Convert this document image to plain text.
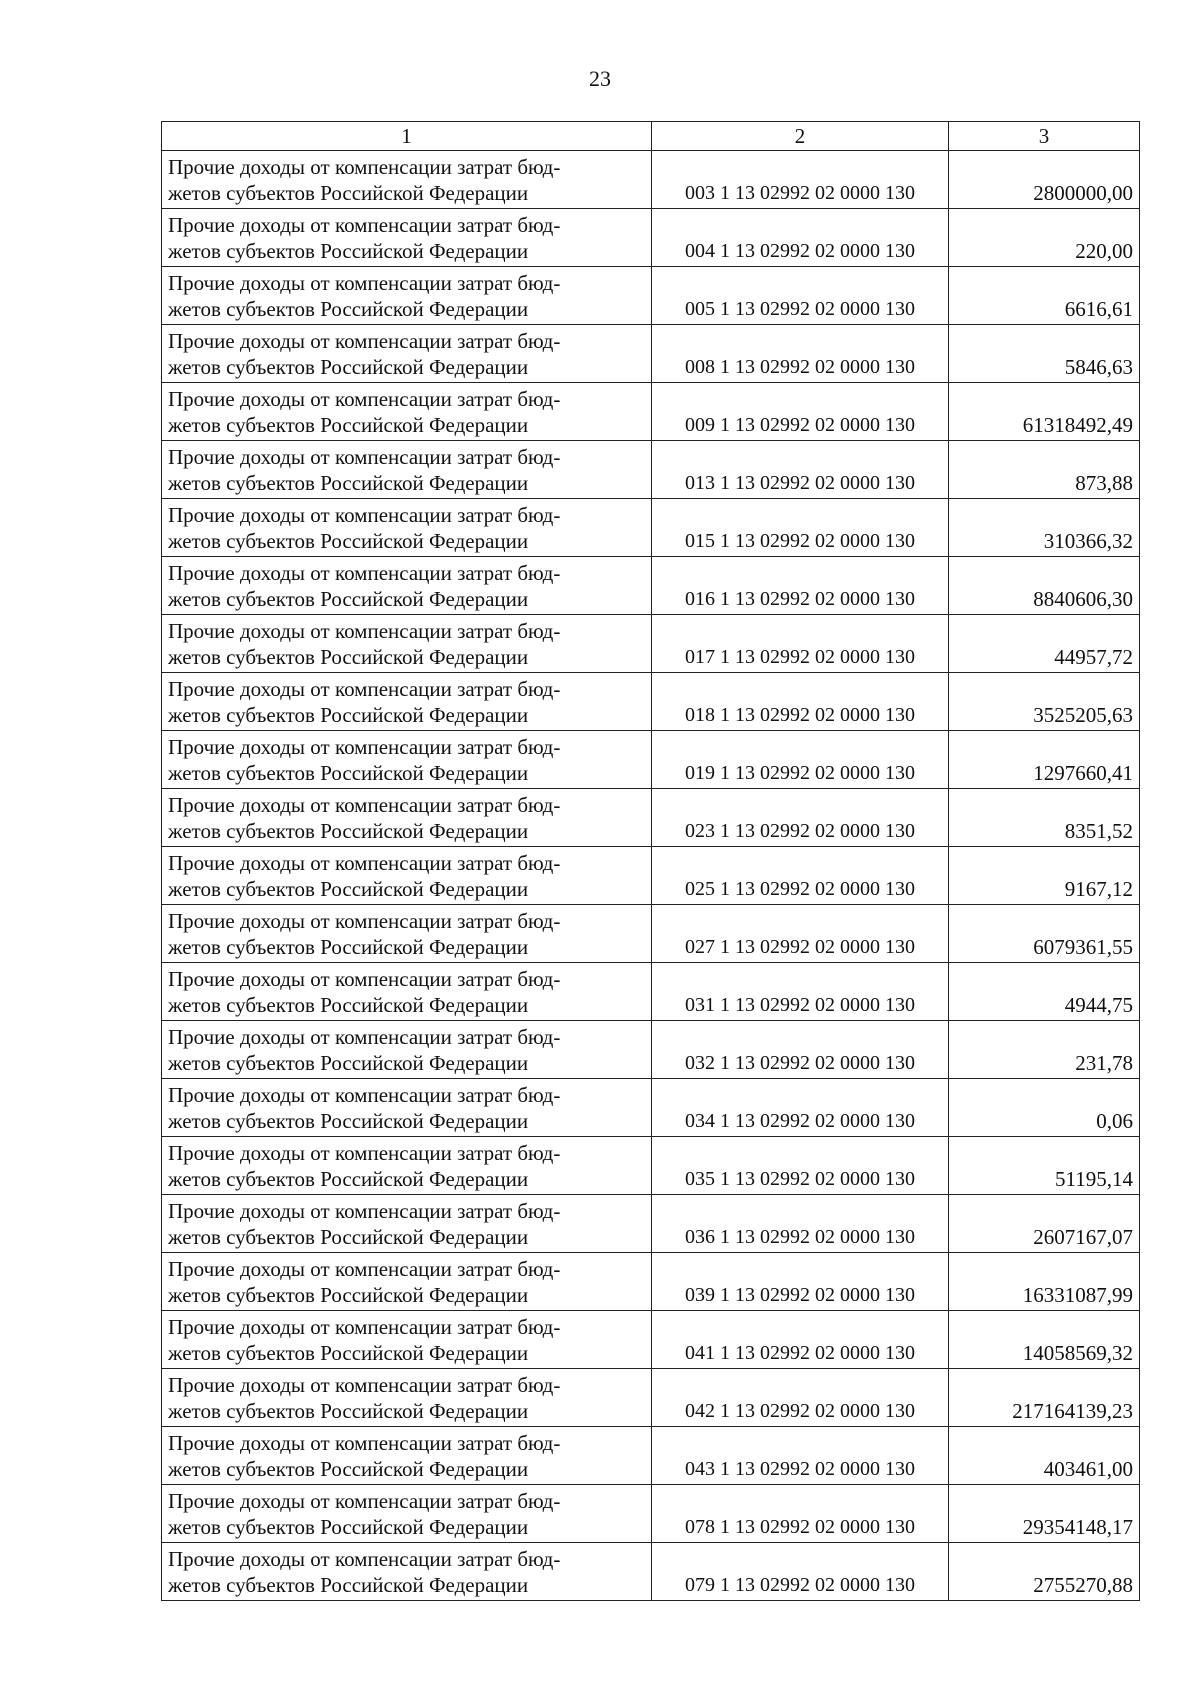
23
1	2	3

Прочие доходы от компенсации затрат бюд-
жетов субъектов Российской Федерации	003 1 13 02992 02 0000 130	2800000,00

Прочие доходы от компенсации затрат бюд-
жетов субъектов Российской Федерации	004 1 13 02992 02 0000 130	220,00

Прочие доходы от компенсации затрат бюд-
жетов субъектов Российской Федерации	005 1 13 02992 02 0000 130	6616,61

Прочие доходы от компенсации затрат бюд-
жетов субъектов Российской Федерации	008 1 13 02992 02 0000 130	5846,63

Прочие доходы от компенсации затрат бюд-
жетов субъектов Российской Федерации	009 1 13 02992 02 0000 130	61318492,49

Прочие доходы от компенсации затрат бюд-
жетов субъектов Российской Федерации	013 1 13 02992 02 0000 130	873,88

Прочие доходы от компенсации затрат бюд-
жетов субъектов Российской Федерации	015 1 13 02992 02 0000 130	310366,32

Прочие доходы от компенсации затрат бюд-
жетов субъектов Российской Федерации	016 1 13 02992 02 0000 130	8840606,30

Прочие доходы от компенсации затрат бюд-
жетов субъектов Российской Федерации	017 1 13 02992 02 0000 130	44957,72

Прочие доходы от компенсации затрат бюд-
жетов субъектов Российской Федерации	018 1 13 02992 02 0000 130	3525205,63

Прочие доходы от компенсации затрат бюд-
жетов субъектов Российской Федерации	019 1 13 02992 02 0000 130	1297660,41

Прочие доходы от компенсации затрат бюд-
жетов субъектов Российской Федерации	023 1 13 02992 02 0000 130	8351,52

Прочие доходы от компенсации затрат бюд-
жетов субъектов Российской Федерации	025 1 13 02992 02 0000 130	9167,12

Прочие доходы от компенсации затрат бюд-
жетов субъектов Российской Федерации	027 1 13 02992 02 0000 130	6079361,55

Прочие доходы от компенсации затрат бюд-
жетов субъектов Российской Федерации	031 1 13 02992 02 0000 130	4944,75

Прочие доходы от компенсации затрат бюд-
жетов субъектов Российской Федерации	032 1 13 02992 02 0000 130	231,78

Прочие доходы от компенсации затрат бюд-
жетов субъектов Российской Федерации	034 1 13 02992 02 0000 130	0,06

Прочие доходы от компенсации затрат бюд-
жетов субъектов Российской Федерации	035 1 13 02992 02 0000 130	51195,14

Прочие доходы от компенсации затрат бюд-
жетов субъектов Российской Федерации	036 1 13 02992 02 0000 130	2607167,07

Прочие доходы от компенсации затрат бюд-
жетов субъектов Российской Федерации	039 1 13 02992 02 0000 130	16331087,99

Прочие доходы от компенсации затрат бюд-
жетов субъектов Российской Федерации	041 1 13 02992 02 0000 130	14058569,32

Прочие доходы от компенсации затрат бюд-
жетов субъектов Российской Федерации	042 1 13 02992 02 0000 130	217164139,23

Прочие доходы от компенсации затрат бюд-
жетов субъектов Российской Федерации	043 1 13 02992 02 0000 130	403461,00

Прочие доходы от компенсации затрат бюд-
жетов субъектов Российской Федерации	078 1 13 02992 02 0000 130	29354148,17

Прочие доходы от компенсации затрат бюд-
жетов субъектов Российской Федерации	079 1 13 02992 02 0000 130	2755270,88
